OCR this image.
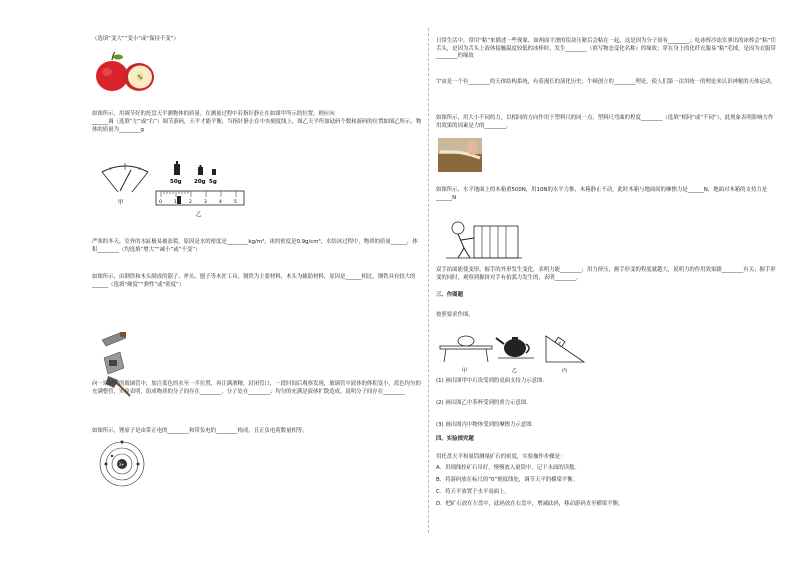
（选填“变大”“变小”或“保持不变”）
如图所示，用调节好的托盘天平测物体的质量，在测量过程中若指针静止在如图甲所示的位置，则应向
______调（选填“左”或“右”）调节游码，天平才能平衡，当指针静止在中央刻度线上，图乙天平所加砝码个数和游码的位置如图乙所示，物体的质量为________g
甲
50g 20g 5g
0	1	2	3	4	5
乙
严寒的冬天，室外的水缸极易被冻裂，原因是水的密度是________kg/m³，冰的密度是0.9g/cm³，水结冰过程中，物质的质量______，体积________（均选填“增大”“减小”或“不变”）
如图所示，由钢铁和木头制成的锯子、斧头、刨子等木匠工具，钢铁为主要材料，木头为辅助材料，原因是______相比，钢铁具有较大的______（选填“硬度”“弹性”或“密度”）
向一端封闭的玻璃管中，加注蓝色的水至一半位置，再注满酒精，封闭管口，一段时间后观察发现，玻璃管中液体的体积变小，蓝色均匀的充满整管，实验表明，组成物质的分子间存在________，分子处在________；均匀的充满是液体扩散造成，说明分子间存在________
如图所示，锂原子是由带正电的________和带负电的________构成，且正负电荷数量相等。
3+
日常生活中，常用“粘”来描述一些现象，如两面平滑的铅块压紧后会粘在一起，这是因为分子间有________；吃冰棒冷冻室拿出的冰棒会“粘”住舌头，是因为舌头上液体接触温度较低的冰棒时，发生________（填写物态变化名称）的缘故；穿在身上的化纤衣服易“粘”毛绒，是因为衣服带________的缘故
宇宙是一个有________的天体结构系统，有着漫长的演化历史；牛顿创立的________理论，使人们第一次用统一的理论来认识神秘的天体运动。
如图所示，用大小不同的力，以相同的方向作用于塑料尺的同一点，塑料尺弯曲的程度________（选填“相同”或“不同”），此现象表明影响力作用效果的因素是力的________。
如图所示，水平地面上的木箱重500N，用10N的水平力推，木箱静止不动，此时木箱与地面间的摩擦力是______N，地面对木箱的支持力是______N
双手拍面能使变形，握手的外形发生变化，表明力能________；用力挤压，握手形变的程度就越大，说明力的作用效果跟________有关；握手形变的同时，观察到握挤对手有拍弧力发生的，表明________。
三、作图题
按照要求作图。
甲	乙
A
丙
(1) 画出图甲中石块受到的桌面支持力示意图.
(2) 画出图乙中茶杯受到的重力示意图.
(3) 画出图丙中物体受到的摩擦力示意图.
四、实验探究题
用托盘天平和量筒测量矿石的密度，实验操作步骤是：
A．用细线拴矿石吊好，慢慢放入量筒中，记下水面的读数。
B．将游码放在标尺的“0”刻度线处，调节天平的横梁平衡。
C．将天平放置于水平桌面上。
D．把矿石放在左盘中，砝码放在右盘中，增减砝码，移动游码直至横梁平衡。
